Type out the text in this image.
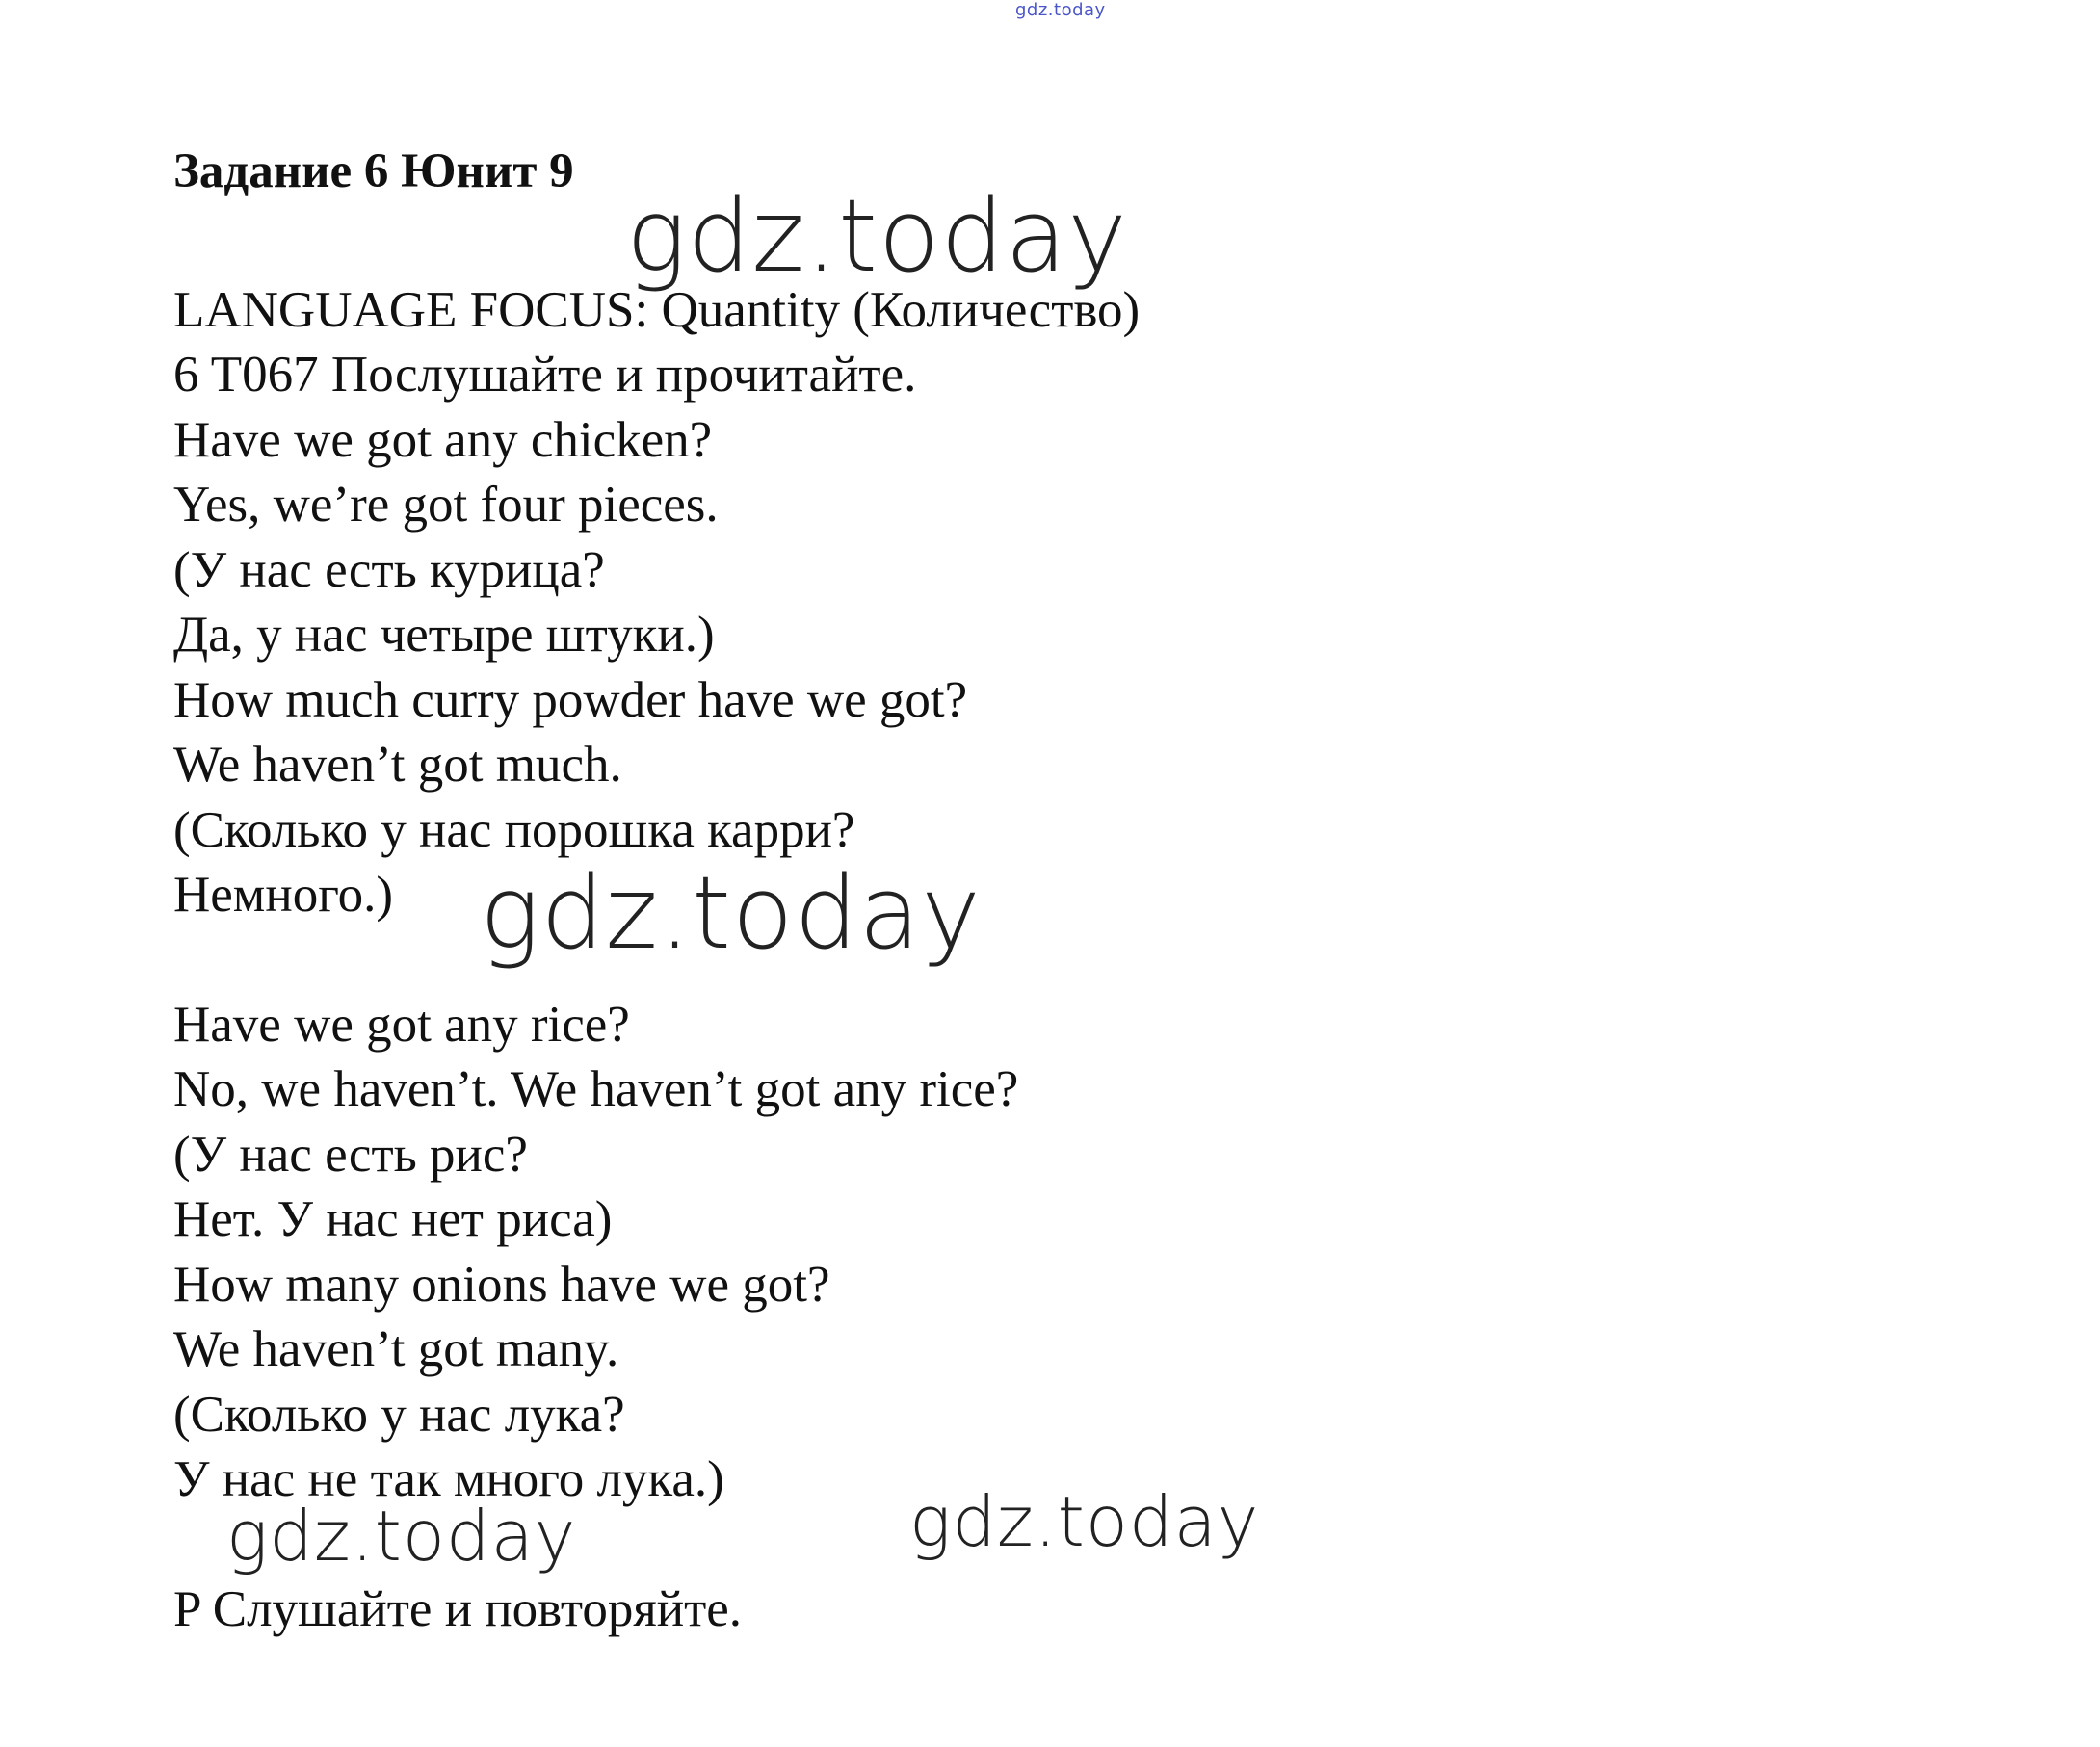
gdz.today
Задание 6 Юнит 9
LANGUAGE FOCUS: Quantity (Количество)
6 T067 Послушайте и прочитайте.
Have we got any chicken?
Yes, we’re got four pieces.
(У нас есть курица?
Да, у нас четыре штуки.)
How much curry powder have we got?
We haven’t got much.
(Сколько у нас порошка карри?
Немного.)
Have we got any rice?
No, we haven’t. We haven’t got any rice?
(У нас есть рис?
Нет. У нас нет риса)
How many onions have we got?
We haven’t got many.
(Сколько у нас лука?
У нас не так много лука.)
P Слушайте и повторяйте.
gdz.today
gdz.today
gdz.today	gdz.today
